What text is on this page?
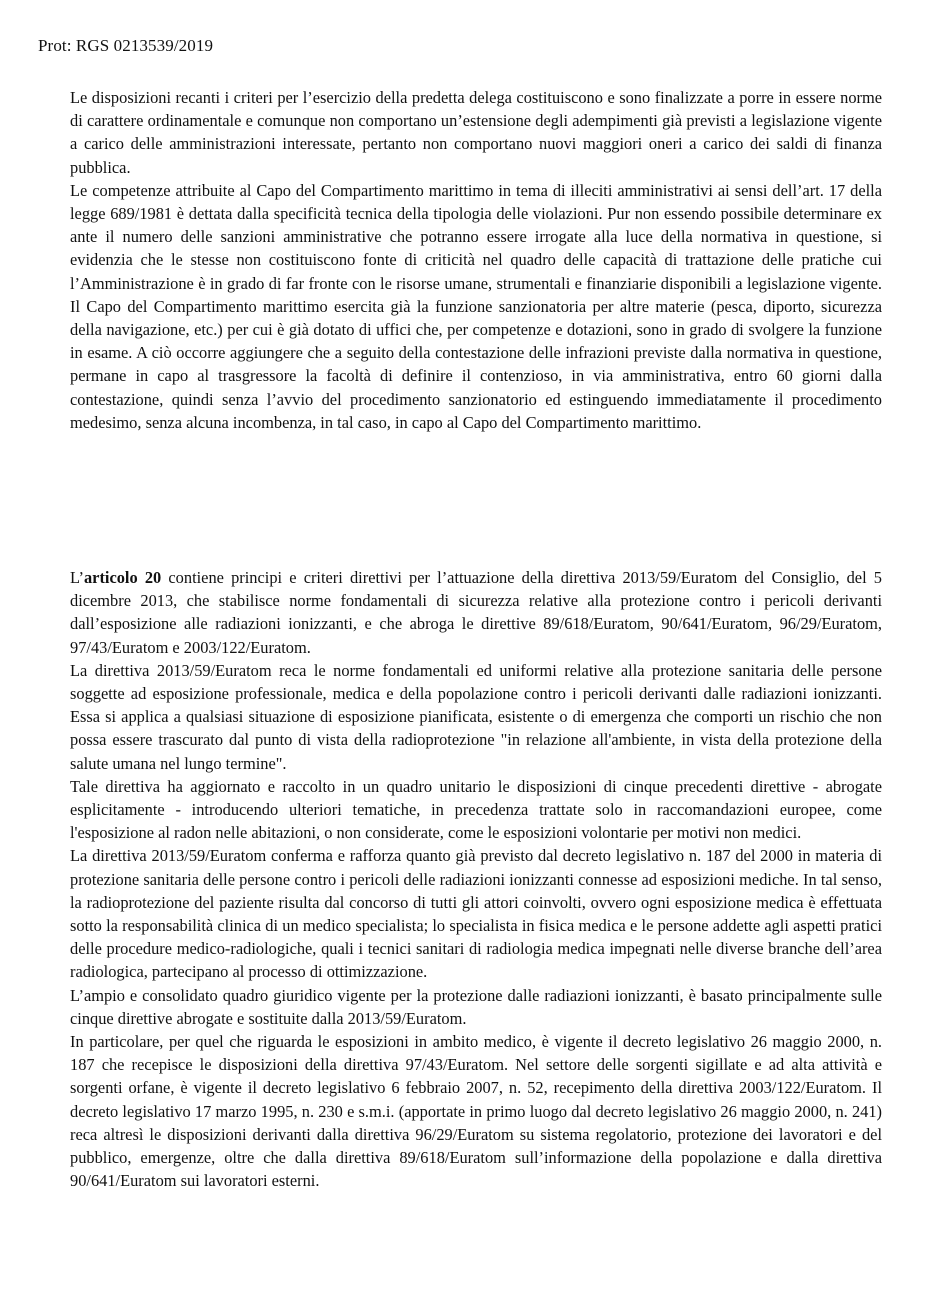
Prot: RGS 0213539/2019

Le disposizioni recanti i criteri per l’esercizio della predetta delega costituiscono e sono finalizzate a porre in essere norme di carattere ordinamentale e comunque non comportano un’estensione degli adempimenti già previsti a legislazione vigente a carico delle amministrazioni interessate, pertanto non comportano nuovi maggiori oneri a carico dei saldi di finanza pubblica.

Le competenze attribuite al Capo del Compartimento marittimo in tema di illeciti amministrativi ai sensi dell’art. 17 della legge 689/1981 è dettata dalla specificità tecnica della tipologia delle violazioni. Pur non essendo possibile determinare ex ante il numero delle sanzioni amministrative che potranno essere irrogate alla luce della normativa in questione, si evidenzia che le stesse non costituiscono fonte di criticità nel quadro delle capacità di trattazione delle pratiche cui l’Amministrazione è in grado di far fronte con le risorse umane, strumentali e finanziarie disponibili a legislazione vigente. Il Capo del Compartimento marittimo esercita già la funzione sanzionatoria per altre materie (pesca, diporto, sicurezza della navigazione, etc.) per cui è già dotato di uffici che, per competenze e dotazioni, sono in grado di svolgere la funzione in esame. A ciò occorre aggiungere che a seguito della contestazione delle infrazioni previste dalla normativa in questione, permane in capo al trasgressore la facoltà di definire il contenzioso, in via amministrativa, entro 60 giorni dalla contestazione, quindi senza l’avvio del procedimento sanzionatorio ed estinguendo immediatamente il procedimento medesimo, senza alcuna incombenza, in tal caso, in capo al Capo del Compartimento marittimo.

L’articolo 20 contiene principi e criteri direttivi per l’attuazione della direttiva 2013/59/Euratom del Consiglio, del 5 dicembre 2013, che stabilisce norme fondamentali di sicurezza relative alla protezione contro i pericoli derivanti dall’esposizione alle radiazioni ionizzanti, e che abroga le direttive 89/618/Euratom, 90/641/Euratom, 96/29/Euratom, 97/43/Euratom e 2003/122/Euratom.

La direttiva 2013/59/Euratom reca le norme fondamentali ed uniformi relative alla protezione sanitaria delle persone soggette ad esposizione professionale, medica e della popolazione contro i pericoli derivanti dalle radiazioni ionizzanti. Essa si applica a qualsiasi situazione di esposizione pianificata, esistente o di emergenza che comporti un rischio che non possa essere trascurato dal punto di vista della radioprotezione "in relazione all'ambiente, in vista della protezione della salute umana nel lungo termine".

Tale direttiva ha aggiornato e raccolto in un quadro unitario le disposizioni di cinque precedenti direttive - abrogate esplicitamente - introducendo ulteriori tematiche, in precedenza trattate solo in raccomandazioni europee, come l'esposizione al radon nelle abitazioni, o non considerate, come le esposizioni volontarie per motivi non medici.

La direttiva 2013/59/Euratom conferma e rafforza quanto già previsto dal decreto legislativo n. 187 del 2000 in materia di protezione sanitaria delle persone contro i pericoli delle radiazioni ionizzanti connesse ad esposizioni mediche. In tal senso, la radioprotezione del paziente risulta dal concorso di tutti gli attori coinvolti, ovvero ogni esposizione medica è effettuata sotto la responsabilità clinica di un medico specialista; lo specialista in fisica medica e le persone addette agli aspetti pratici delle procedure medico-radiologiche, quali i tecnici sanitari di radiologia medica impegnati nelle diverse branche dell’area radiologica, partecipano al processo di ottimizzazione.

L’ampio e consolidato quadro giuridico vigente per la protezione dalle radiazioni ionizzanti, è basato principalmente sulle cinque direttive abrogate e sostituite dalla 2013/59/Euratom.

In particolare, per quel che riguarda le esposizioni in ambito medico, è vigente il decreto legislativo 26 maggio 2000, n. 187 che recepisce le disposizioni della direttiva 97/43/Euratom. Nel settore delle sorgenti sigillate e ad alta attività e sorgenti orfane, è vigente il decreto legislativo 6 febbraio 2007, n. 52, recepimento della direttiva 2003/122/Euratom. Il decreto legislativo 17 marzo 1995, n. 230 e s.m.i. (apportate in primo luogo dal decreto legislativo 26 maggio 2000, n. 241) reca altresì le disposizioni derivanti dalla direttiva 96/29/Euratom su sistema regolatorio, protezione dei lavoratori e del pubblico, emergenze, oltre che dalla direttiva 89/618/Euratom sull’informazione della popolazione e dalla direttiva 90/641/Euratom sui lavoratori esterni.
